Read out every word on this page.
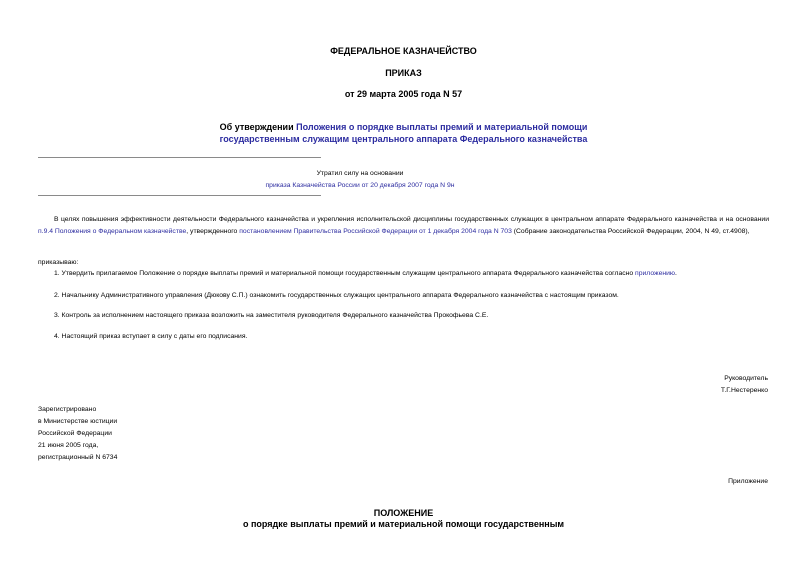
ФЕДЕРАЛЬНОЕ КАЗНАЧЕЙСТВО
ПРИКАЗ
от 29 марта 2005 года N 57
Об утверждении Положения о порядке выплаты премий и материальной помощи
государственным служащим центрального аппарата Федерального казначейства
Утратил силу на основании
приказа Казначейства России от 20 декабря 2007 года N 9н
В целях повышения эффективности деятельности Федерального казначейства и укрепления исполнительской дисциплины государственных служащих в центральном аппарате Федерального казначейства и на основании п.9.4 Положения о Федеральном казначействе, утвержденного постановлением Правительства Российской Федерации от 1 декабря 2004 года N 703 (Собрание законодательства Российской Федерации, 2004, N 49, ст.4908),
приказываю:
1. Утвердить прилагаемое Положение о порядке выплаты премий и материальной помощи государственным служащим центрального аппарата Федерального казначейства согласно приложению.
2. Начальнику Административного управления (Дюкову С.П.) ознакомить государственных служащих центрального аппарата Федерального казначейства с настоящим приказом.
3. Контроль за исполнением настоящего приказа возложить на заместителя руководителя Федерального казначейства Прокофьева С.Е.
4. Настоящий приказ вступает в силу с даты его подписания.
Руководитель
Т.Г.Нестеренко
Зарегистрировано
в Министерстве юстиции
Российской Федерации
21 июня 2005 года,
регистрационный N 6734
Приложение
ПОЛОЖЕНИЕ
о порядке выплаты премий и материальной помощи государственным
